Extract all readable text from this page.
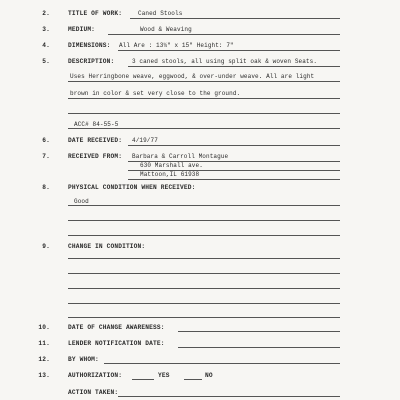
2.	TITLE OF WORK:	Caned Stools
3.	MEDIUM:	Wood & Weaving
4.	DIMENSIONS: All Are : 13¼" x 15" Height: 7"
5.	DESCRIPTION:	3 caned stools, all using split oak & woven Seats.
Uses Herringbone weave, eggwood, & over-under weave. All are light
brown in color & set very close to the ground.
ACC# 84-55-5
6.	DATE RECEIVED: 4/19/77
7.	RECEIVED FROM: Barbara & Carroll Montague
630 Marshall ave.
Mattoon,IL 61938
8.	PHYSICAL CONDITION WHEN RECEIVED:
Good
9.	CHANGE IN CONDITION:
10.	DATE OF CHANGE AWARENESS:
11.	LENDER NOTIFICATION DATE:
12.	BY WHOM:
13.	AUTHORIZATION:	YES	NO
ACTION TAKEN:
